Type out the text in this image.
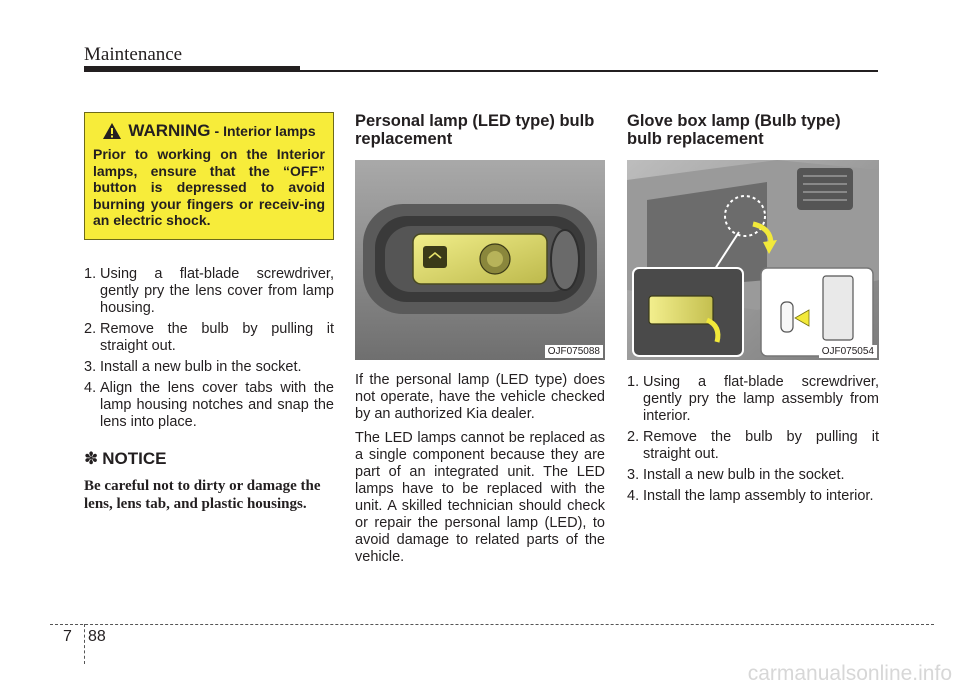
Maintenance
WARNING - Interior lamps
Prior to working on the Interior lamps, ensure that the “OFF” button is depressed to avoid burning your fingers or receiv-ing an electric shock.
1. Using a flat-blade screwdriver, gently pry the lens cover from lamp housing.
2. Remove the bulb by pulling it straight out.
3. Install a new bulb in the socket.
4. Align the lens cover tabs with the lamp housing notches and snap the lens into place.
✽ NOTICE
Be careful not to dirty or damage the lens, lens tab, and plastic housings.
Personal lamp (LED type) bulb replacement
OJF075088

If the personal lamp (LED type) does not operate, have the vehicle checked by an authorized Kia dealer.

The LED lamps cannot be replaced as a single component because they are part of an integrated unit. The LED lamps have to be replaced with the unit. A skilled technician should check or repair the personal lamp (LED), to avoid damage to related parts of the vehicle.

Glove box lamp (Bulb type) bulb replacement
OJF075054
1. Using a flat-blade screwdriver, gently pry the lamp assembly from interior.
2. Remove the bulb by pulling it straight out.
3. Install a new bulb in the socket.
4. Install the lamp assembly to interior.
7 88
carmanualsonline.info
